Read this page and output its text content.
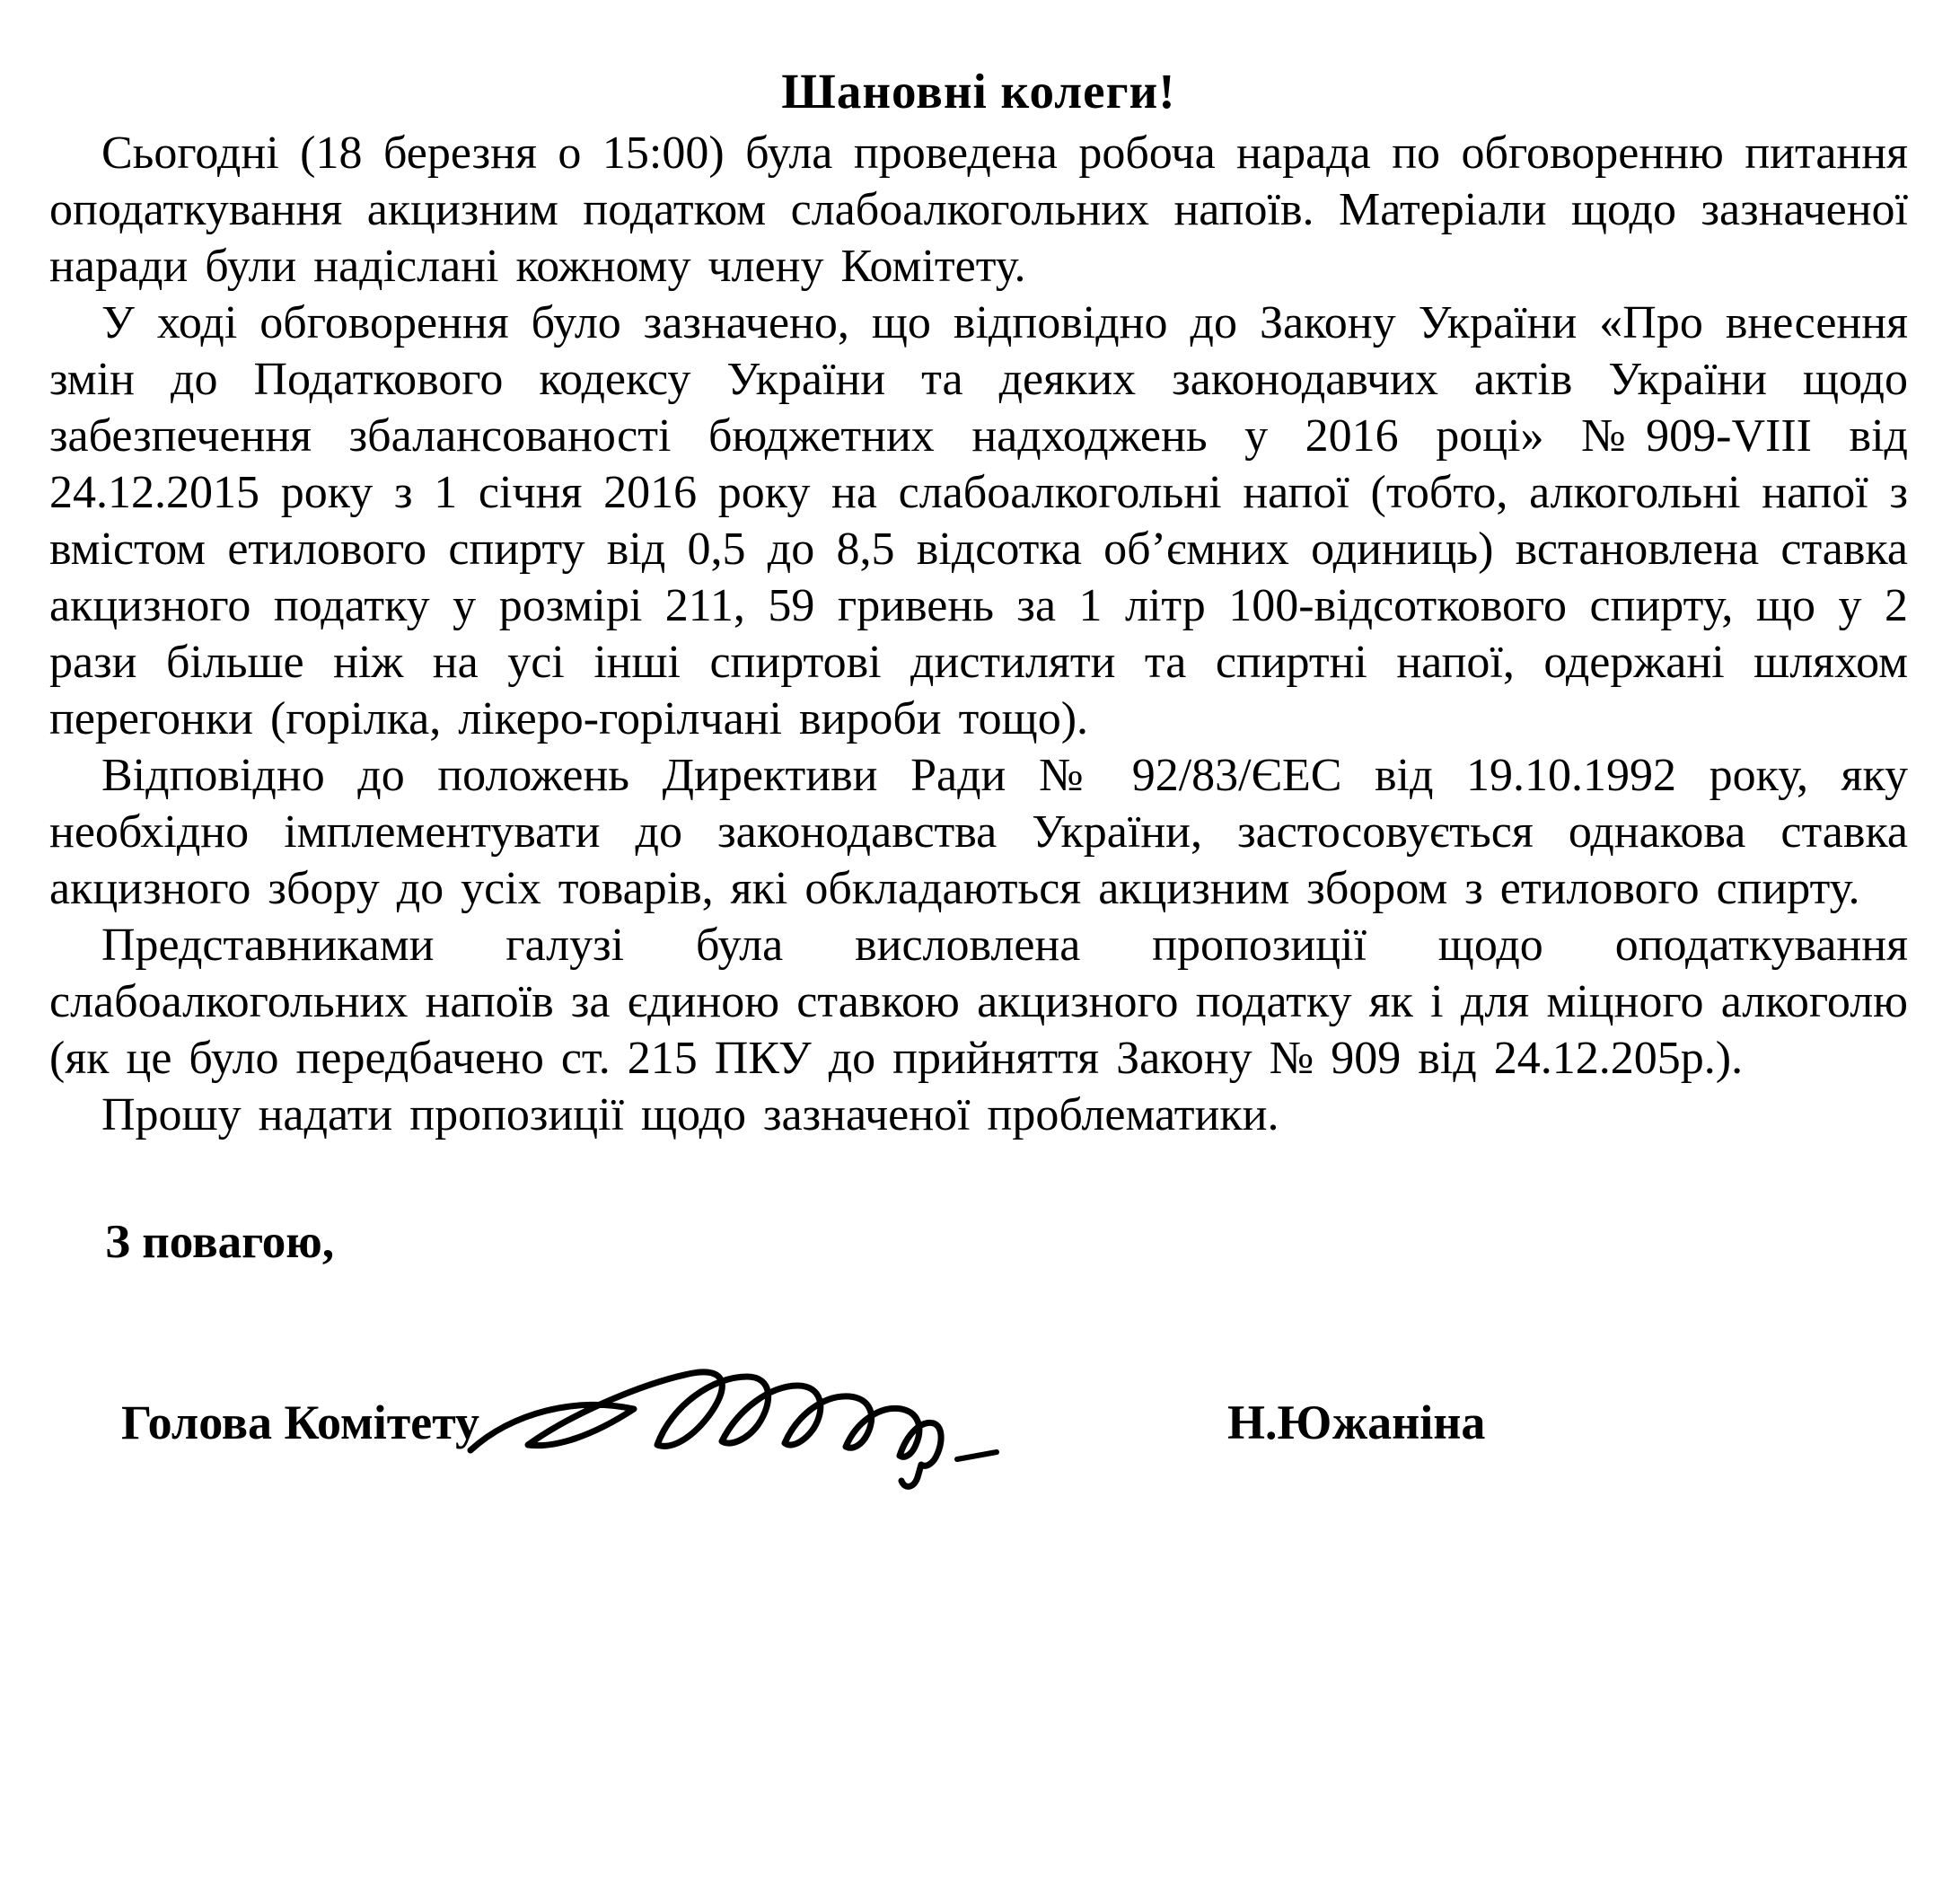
Шановні колеги!

Сьогодні (18 березня о 15:00) була проведена робоча нарада по обговоренню питання оподаткування акцизним податком слабоалкогольних напоїв. Матеріали щодо зазначеної наради були надіслані кожному члену Комітету.

У ході обговорення було зазначено, що відповідно до Закону України «Про внесення змін до Податкового кодексу України та деяких законодавчих актів України щодо забезпечення збалансованості бюджетних надходжень у 2016 році» №909-VIII від 24.12.2015 року з 1 січня 2016 року на слабоалкогольні напої (тобто, алкогольні напої з вмістом етилового спирту від 0,5 до 8,5 відсотка об’ємних одиниць) встановлена ставка акцизного податку у розмірі 211, 59 гривень за 1 літр 100-відсоткового спирту, що у 2 рази більше ніж на усі інші спиртові дистиляти та спиртні напої, одержані шляхом перегонки (горілка, лікеро-горілчані вироби тощо).

Відповідно до положень Директиви Ради № 92/83/ЄЕС від 19.10.1992 року, яку необхідно імплементувати до законодавства України, застосовується однакова ставка акцизного збору до усіх товарів, які обкладаються акцизним збором з етилового спирту.

Представниками галузі була висловлена пропозиції щодо оподаткування слабоалкогольних напоїв за єдиною ставкою акцизного податку як і для міцного алкоголю (як це було передбачено ст. 215 ПКУ до прийняття Закону № 909 від 24.12.205р.).

Прошу надати пропозиції щодо зазначеної проблематики.

З повагою,
Голова Комітету	Н.Южаніна
